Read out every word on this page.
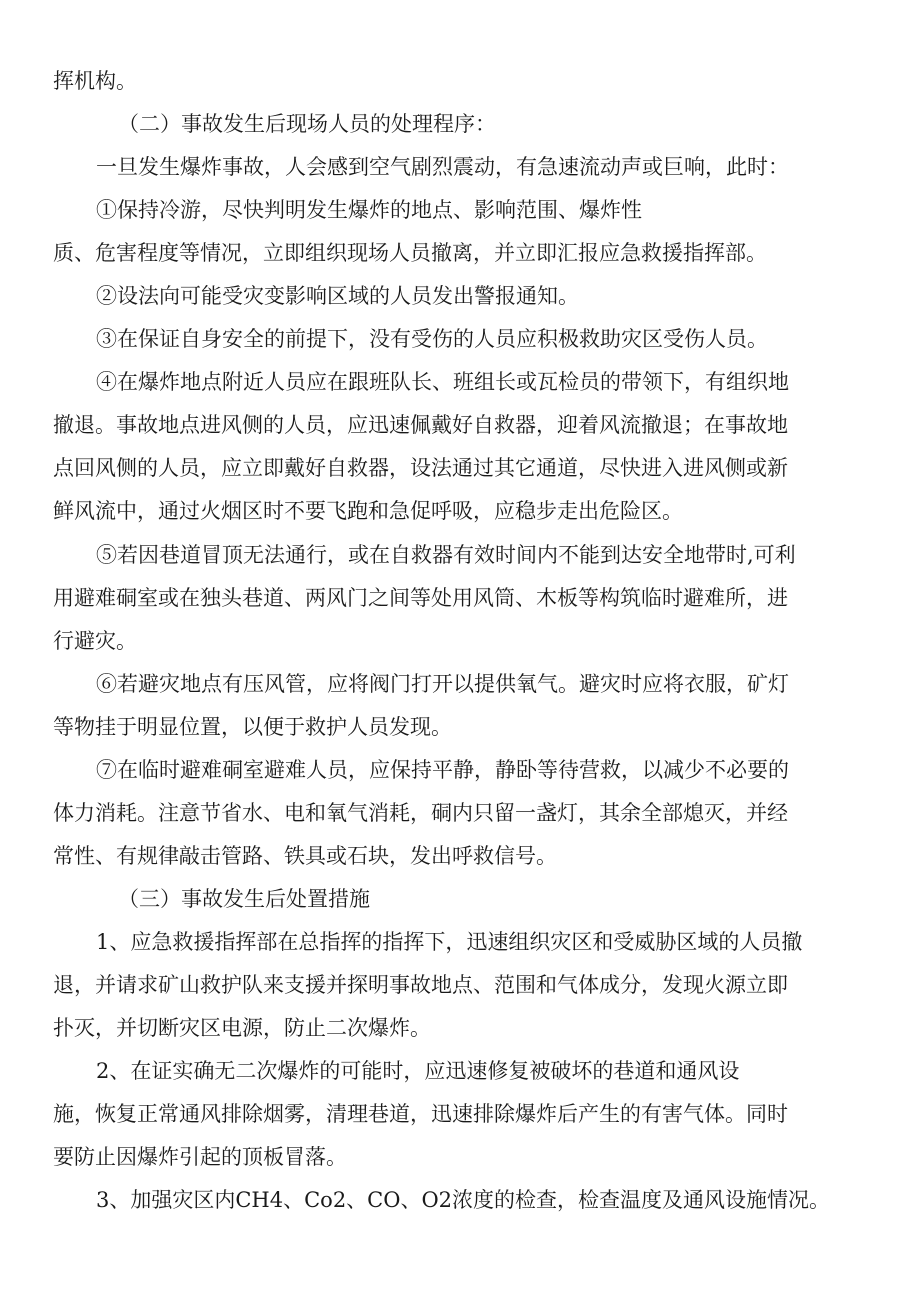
挥机构。
（二）事故发生后现场人员的处理程序：
一旦发生爆炸事故，人会感到空气剧烈震动，有急速流动声或巨响，此时：
①保持冷游，尽快判明发生爆炸的地点、影响范围、爆炸性
质、危害程度等情况，立即组织现场人员撤离，并立即汇报应急救援指挥部。
②设法向可能受灾变影响区域的人员发出警报通知。
③在保证自身安全的前提下，没有受伤的人员应积极救助灾区受伤人员。
④在爆炸地点附近人员应在跟班队长、班组长或瓦检员的带领下，有组织地
撤退。事故地点进风侧的人员，应迅速佩戴好自救器，迎着风流撤退；在事故地
点回风侧的人员，应立即戴好自救器，设法通过其它通道，尽快进入进风侧或新
鲜风流中，通过火烟区时不要飞跑和急促呼吸，应稳步走出危险区。
⑤若因巷道冒顶无法通行，或在自救器有效时间内不能到达安全地带时,可利
用避难硐室或在独头巷道、两风门之间等处用风筒、木板等构筑临时避难所，进
行避灾。
⑥若避灾地点有压风管，应将阀门打开以提供氧气。避灾时应将衣服，矿灯
等物挂于明显位置，以便于救护人员发现。
⑦在临时避难硐室避难人员，应保持平静，静卧等待营救，以减少不必要的
体力消耗。注意节省水、电和氧气消耗，硐内只留一盏灯，其余全部熄灭，并经
常性、有规律敲击管路、铁具或石块，发出呼救信号。
（三）事故发生后处置措施
1、应急救援指挥部在总指挥的指挥下，迅速组织灾区和受威胁区域的人员撤
退，并请求矿山救护队来支援并探明事故地点、范围和气体成分，发现火源立即
扑灭，并切断灾区电源，防止二次爆炸。
2、在证实确无二次爆炸的可能时，应迅速修复被破坏的巷道和通风设
施，恢复正常通风排除烟雾，清理巷道，迅速排除爆炸后产生的有害气体。同时
要防止因爆炸引起的顶板冒落。
3、加强灾区内CH4、Co2、CO、O2浓度的检查，检查温度及通风设施情况。
